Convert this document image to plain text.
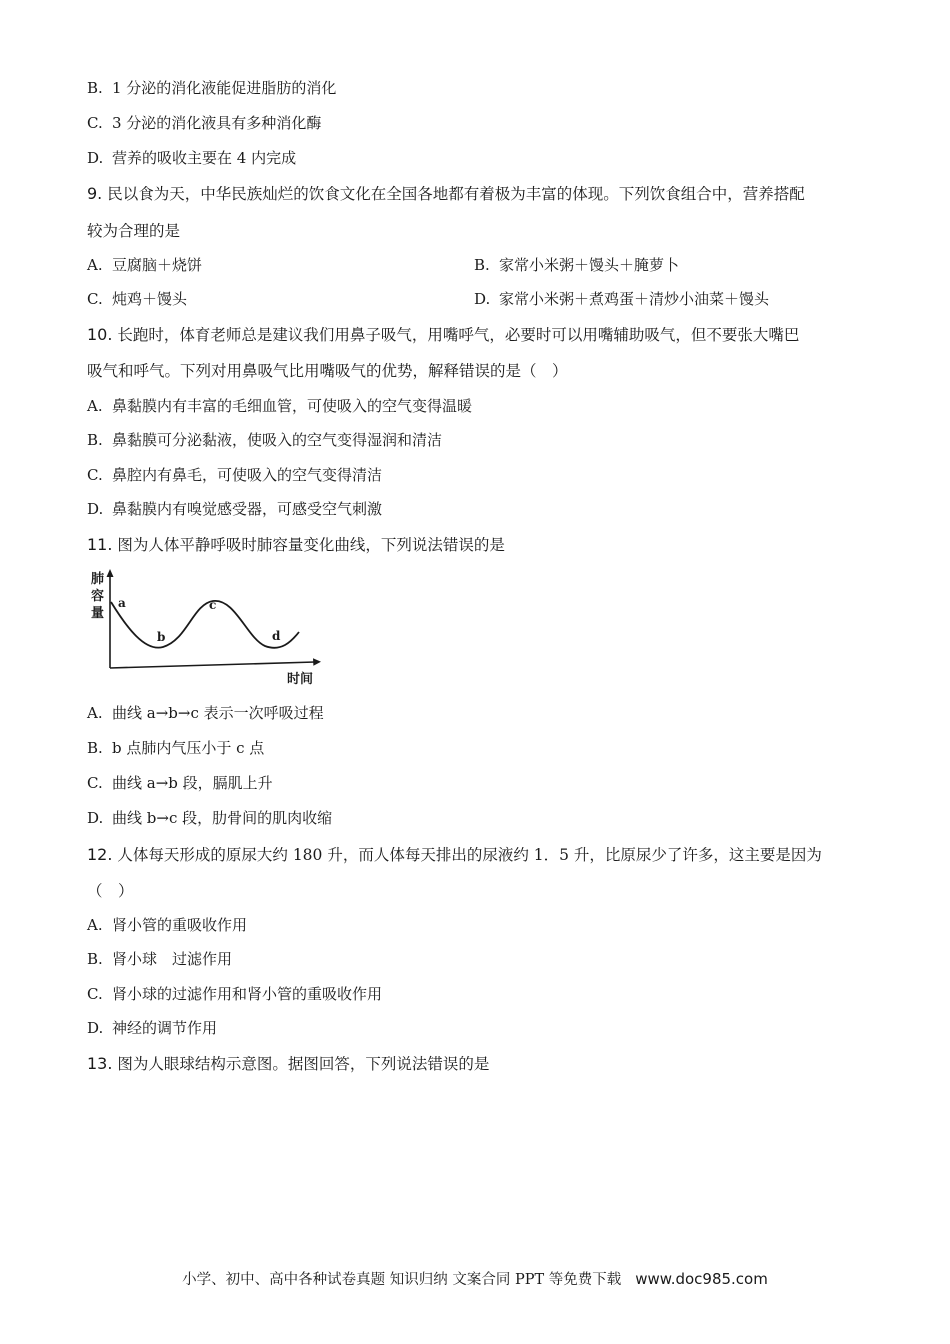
B. 1 分泌的消化液能促进脂肪的消化
C. 3 分泌的消化液具有多种消化酶
D. 营养的吸收主要在 4 内完成
9. 民以食为天，中华民族灿烂的饮食文化在全国各地都有着极为丰富的体现。下列饮食组合中，营养搭配
较为合理的是
A. 豆腐脑＋烧饼	B. 家常小米粥＋馒头＋腌萝卜
C. 炖鸡＋馒头	D. 家常小米粥＋煮鸡蛋＋清炒小油菜＋馒头
10. 长跑时，体育老师总是建议我们用鼻子吸气，用嘴呼气，必要时可以用嘴辅助吸气，但不要张大嘴巴
吸气和呼气。下列对用鼻吸气比用嘴吸气的优势，解释错误的是（　）
A. 鼻黏膜内有丰富的毛细血管，可使吸入的空气变得温暖
B. 鼻黏膜可分泌黏液，使吸入的空气变得湿润和清洁
C. 鼻腔内有鼻毛，可使吸入的空气变得清洁
D. 鼻黏膜内有嗅觉感受器，可感受空气刺激
11. 图为人体平静呼吸时肺容量变化曲线，下列说法错误的是
肺
容
量
a
b
c
d
时间
A. 曲线 a→b→c 表示一次呼吸过程
B. b 点肺内气压小于 c 点
C. 曲线 a→b 段，膈肌上升
D. 曲线 b→c 段，肋骨间的肌肉收缩
12. 人体每天形成的原尿大约 180 升，而人体每天排出的尿液约 1．5 升，比原尿少了许多，这主要是因为
（　）
A. 肾小管的重吸收作用
B. 肾小球　过滤作用
C. 肾小球的过滤作用和肾小管的重吸收作用
D. 神经的调节作用
13. 图为人眼球结构示意图。据图回答，下列说法错误的是
小学、初中、高中各种试卷真题 知识归纳 文案合同 PPT 等免费下载 www.doc985.com
